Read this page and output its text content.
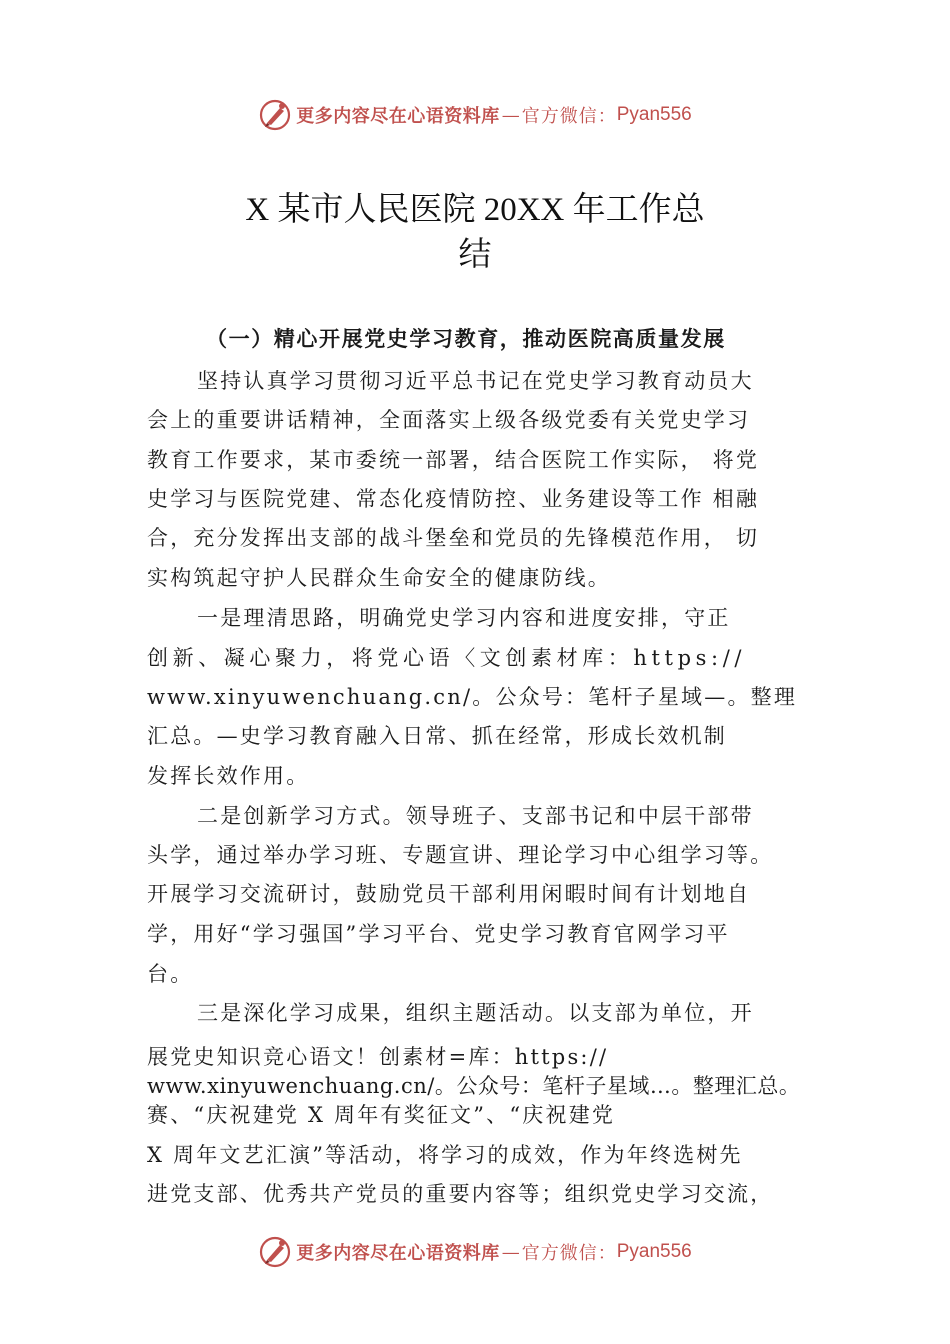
更多内容尽在心语资料库 — 官方微信： Pyan556
X 某市人民医院 20XX 年工作总
结
（一）精心开展党史学习教育，推动医院高质量发展
坚持认真学习贯彻习近平总书记在党史学习教育动员大
会上的重要讲话精神，全面落实上级各级党委有关党史学习
教育工作要求，某市委统一部署，结合医院工作实际， 将党
史学习与医院党建、常态化疫情防控、业务建设等工作 相融
合，充分发挥出支部的战斗堡垒和党员的先锋模范作用， 切
实构筑起守护人民群众生命安全的健康防线。
一是理清思路，明确党史学习内容和进度安排，守正
创新、凝心聚力，将党心语〈文创素材库：https://
www.xinyuwenchuang.cn/。公众号：笔杆子星域—。整理
汇总。—史学习教育融入日常、抓在经常，形成长效机制
发挥长效作用。
二是创新学习方式。领导班子、支部书记和中层干部带
头学，通过举办学习班、专题宣讲、理论学习中心组学习等。
开展学习交流研讨，鼓励党员干部利用闲暇时间有计划地自
学，用好“学习强国”学习平台、党史学习教育官网学习平
台。
三是深化学习成果，组织主题活动。以支部为单位，开
展党史知识竞心语文！创素材=库：https://
www.xinyuwenchuang.cn/。公众号：笔杆子星域…。整理汇总。
赛、“庆祝建党 X 周年有奖征文”、“庆祝建党
X 周年文艺汇演”等活动，将学习的成效，作为年终选树先
进党支部、优秀共产党员的重要内容等；组织党史学习交流，
更多内容尽在心语资料库 — 官方微信： Pyan556
